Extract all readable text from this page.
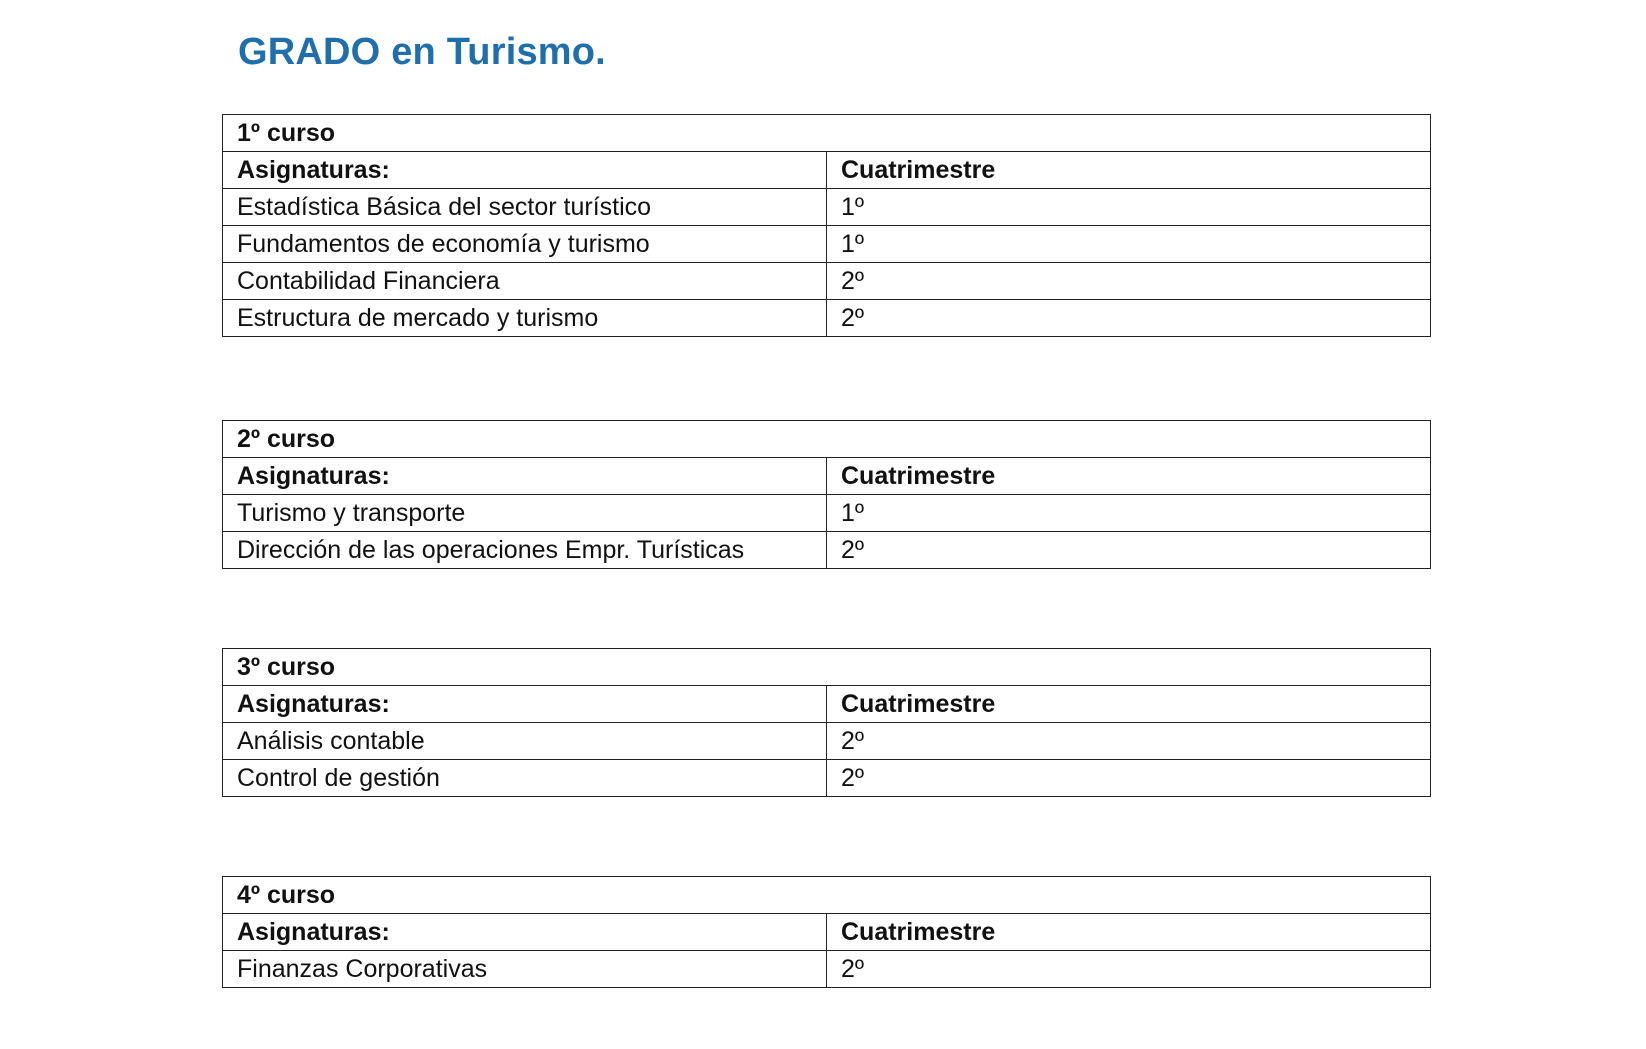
GRADO en Turismo.
1º curso	
Asignaturas:	Cuatrimestre
Estadística Básica del sector turístico	1º
Fundamentos de economía y turismo	1º
Contabilidad Financiera	2º
Estructura de mercado y turismo	2º
2º curso	
Asignaturas:	Cuatrimestre
Turismo y transporte	1º
Dirección de las operaciones Empr. Turísticas	2º
3º curso	
Asignaturas:	Cuatrimestre
Análisis contable	2º
Control de gestión	2º
4º curso	
Asignaturas:	Cuatrimestre
Finanzas Corporativas	2º
